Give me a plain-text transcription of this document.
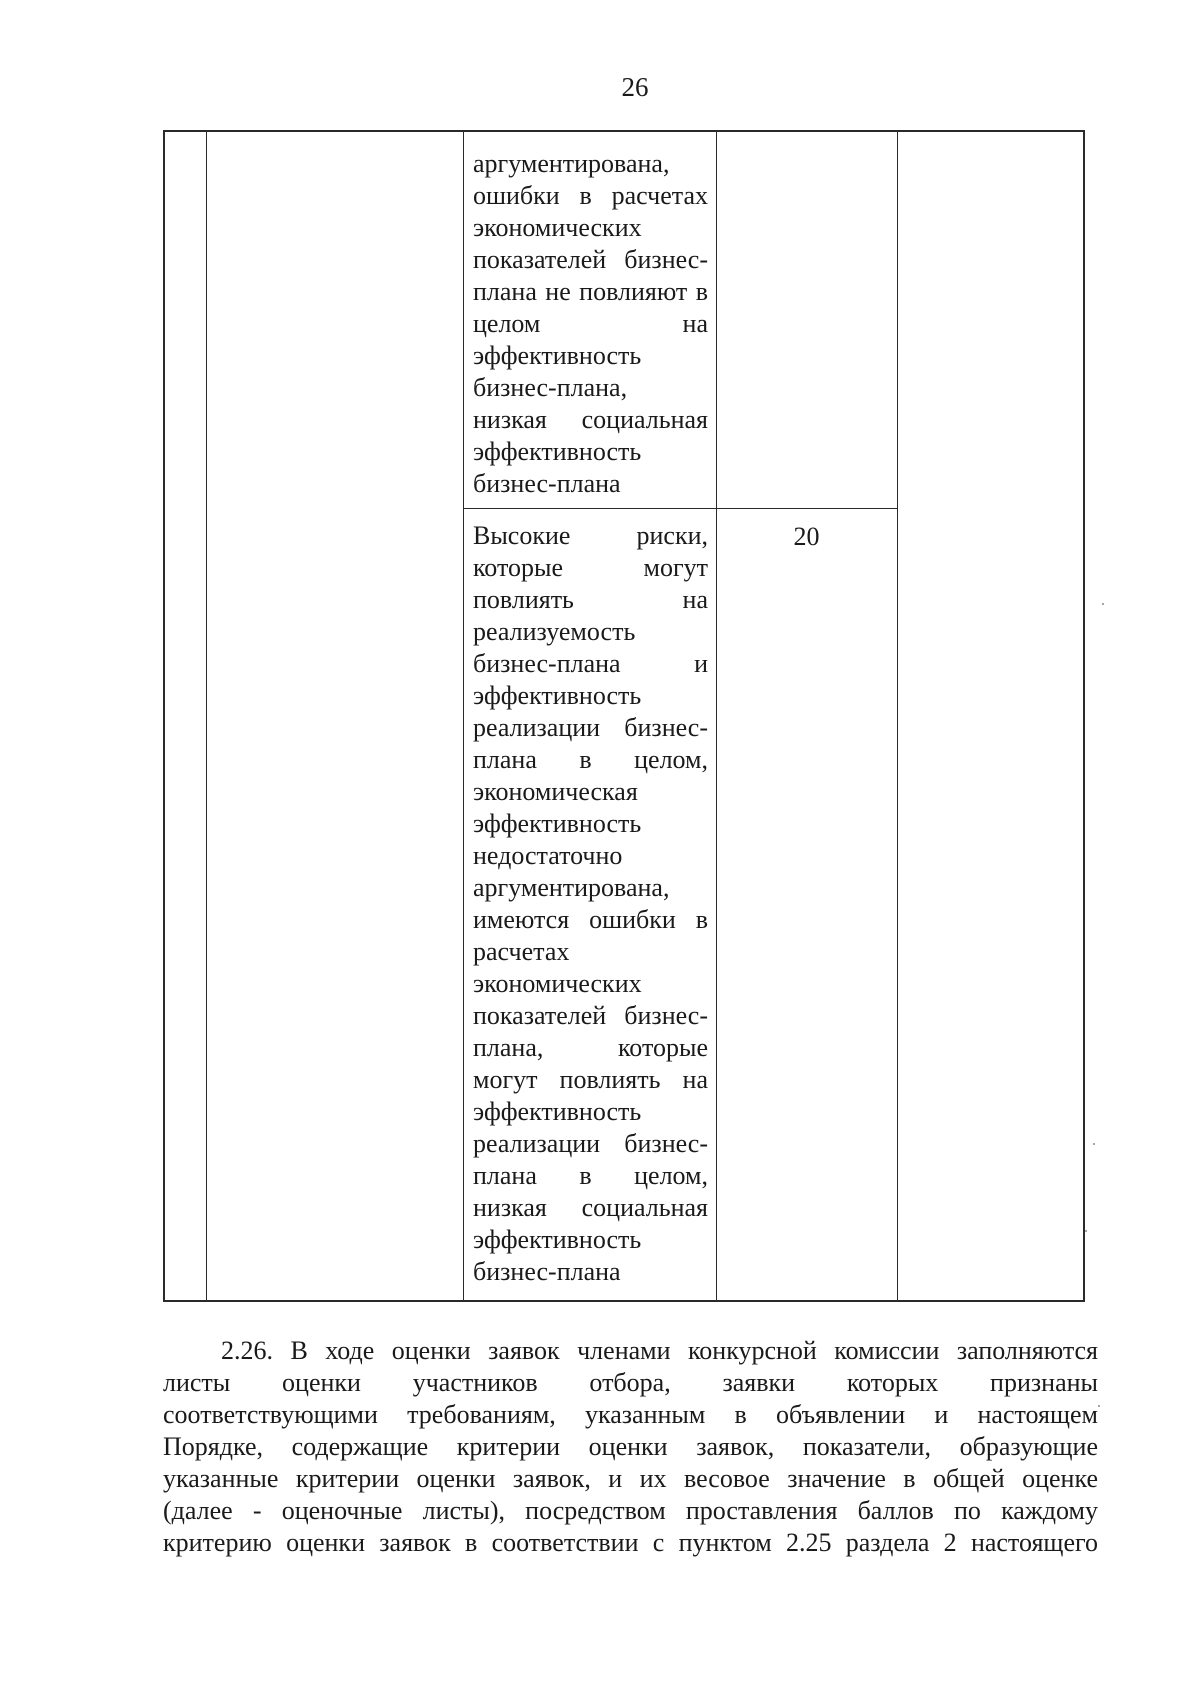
26
аргументирована,
ошибки в расчетах
экономических
показателей бизнес-
плана не повлияют в
целом на
эффективность
бизнес-плана,
низкая социальная
эффективность
бизнес-плана
Высокие риски,
которые могут
повлиять на
реализуемость
бизнес-плана и
эффективность
реализации бизнес-
плана в целом,
экономическая
эффективность
недостаточно
аргументирована,
имеются ошибки в
расчетах
экономических
показателей бизнес-
плана, которые
могут повлиять на
эффективность
реализации бизнес-
плана в целом,
низкая социальная
эффективность
бизнес-плана
20
2.26. В ходе оценки заявок членами конкурсной комиссии заполняются
листы оценки участников отбора, заявки которых признаны
соответствующими требованиям, указанным в объявлении и настоящем
Порядке, содержащие критерии оценки заявок, показатели, образующие
указанные критерии оценки заявок, и их весовое значение в общей оценке
(далее - оценочные листы), посредством проставления баллов по каждому
критерию оценки заявок в соответствии с пунктом 2.25 раздела 2 настоящего
